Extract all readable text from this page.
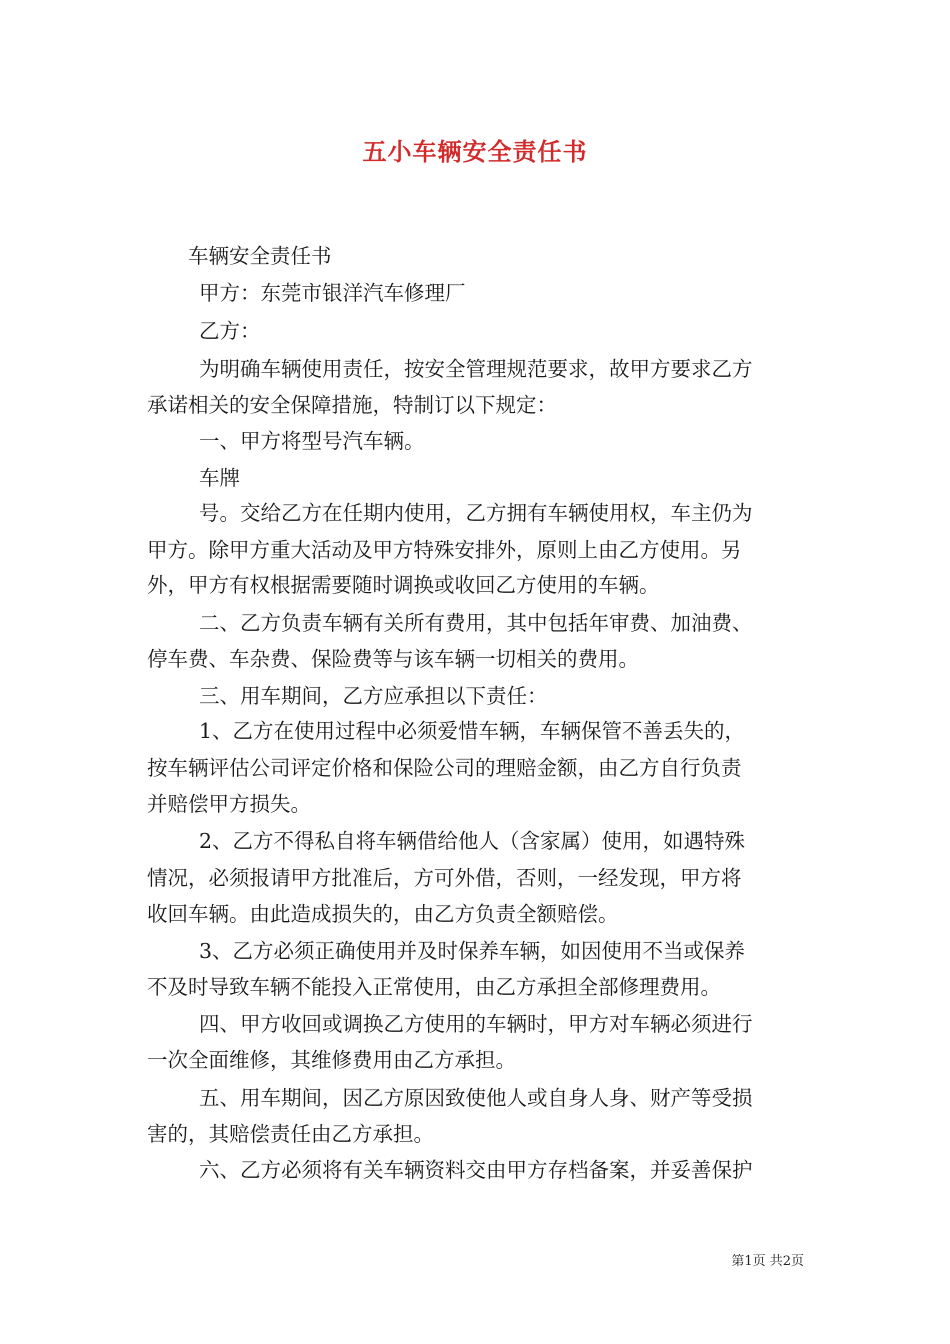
五小车辆安全责任书
车辆安全责任书
甲方：东莞市银洋汽车修理厂
乙方：
为明确车辆使用责任，按安全管理规范要求，故甲方要求乙方
承诺相关的安全保障措施，特制订以下规定：
一、甲方将型号汽车辆。
车牌
号。交给乙方在任期内使用，乙方拥有车辆使用权，车主仍为
甲方。除甲方重大活动及甲方特殊安排外，原则上由乙方使用。另
外，甲方有权根据需要随时调换或收回乙方使用的车辆。
二、乙方负责车辆有关所有费用，其中包括年审费、加油费、
停车费、车杂费、保险费等与该车辆一切相关的费用。
三、用车期间，乙方应承担以下责任：
1、乙方在使用过程中必须爱惜车辆，车辆保管不善丢失的，
按车辆评估公司评定价格和保险公司的理赔金额，由乙方自行负责
并赔偿甲方损失。
2、乙方不得私自将车辆借给他人（含家属）使用，如遇特殊
情况，必须报请甲方批准后，方可外借，否则，一经发现，甲方将
收回车辆。由此造成损失的，由乙方负责全额赔偿。
3、乙方必须正确使用并及时保养车辆，如因使用不当或保养
不及时导致车辆不能投入正常使用，由乙方承担全部修理费用。
四、甲方收回或调换乙方使用的车辆时，甲方对车辆必须进行
一次全面维修，其维修费用由乙方承担。
五、用车期间，因乙方原因致使他人或自身人身、财产等受损
害的，其赔偿责任由乙方承担。
六、乙方必须将有关车辆资料交由甲方存档备案，并妥善保护
第1页 共2页
